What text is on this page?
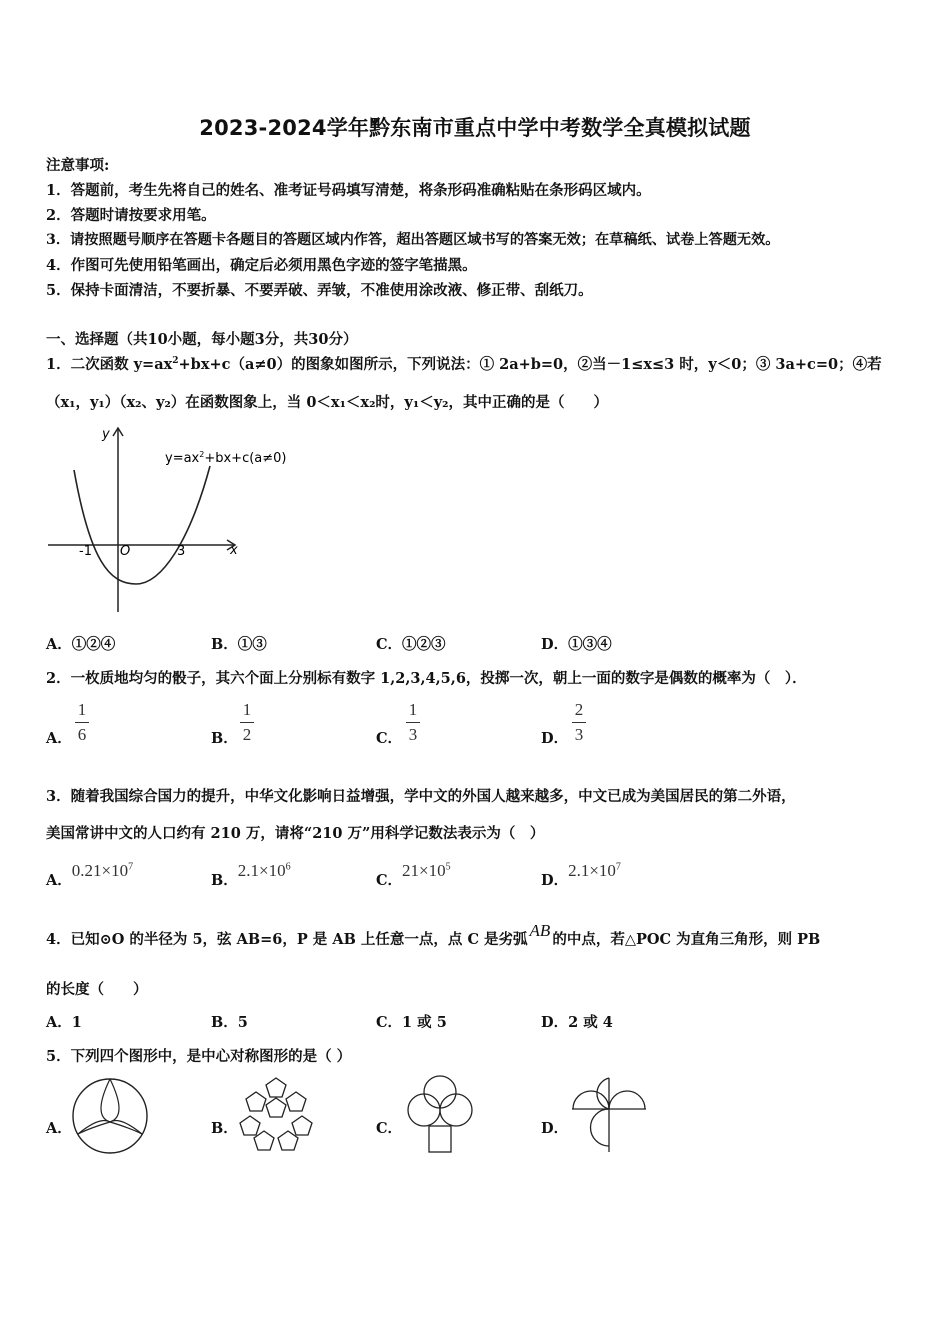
2023-2024学年黔东南市重点中学中考数学全真模拟试题
注意事项:
1．答题前，考生先将自己的姓名、准考证号码填写清楚，将条形码准确粘贴在条形码区域内。
2．答题时请按要求用笔。
3．请按照题号顺序在答题卡各题目的答题区域内作答，超出答题区域书写的答案无效；在草稿纸、试卷上答题无效。
4．作图可先使用铅笔画出，确定后必须用黑色字迹的签字笔描黑。
5．保持卡面清洁，不要折暴、不要弄破、弄皱，不准使用涂改液、修正带、刮纸刀。
一、选择题（共10小题，每小题3分，共30分）
1．二次函数 $y=ax^2+bx+c(a\ne 0)$的图象如图所示，下列说法：① 2a+b=0，②当－1≤x≤3 时，y＜0；③ 3a+c=0；④若
（x₁，y₁）（x₂、y₂）在函数图象上，当 0＜x₁＜x₂时，y₁＜y₂，其中正确的是（　　）
y
x
-1 O	3
$y=ax^2+bx+c(a\ne 0)$
A．①②④	B．①③	C．①②③	D．①③④
2．一枚质地均匀的骰子，其六个面上分别标有数字 1,2,3,4,5,6，投掷一次，朝上一面的数字是偶数的概率为（　）．
A．
1
6	B．
1
2	C．
1
3	D．
2
3
3．随着我国综合国力的提升，中华文化影响日益增强，学中文的外国人越来越多，中文已成为美国居民的第二外语，
美国常讲中文的人口约有 210 万，请将“210 万”用科学记数法表示为（　）
A．$0.21\times 10^7$
B．$2.1\times 10^6$
C．$21\times 10^5$
D．$2.1\times 10^7$
4．已知⊙O 的半径为 5，弦 AB=6，P 是 AB 上任意一点，点 C 是劣弧 AB 的中点，若△POC 为直角三角形，则 PB
的长度（　　）
A．1	B．5	C．1 或 5	D．2 或 4
5．下列四个图形中，是中心对称图形的是（ ）
A．	B．	C．	D．
